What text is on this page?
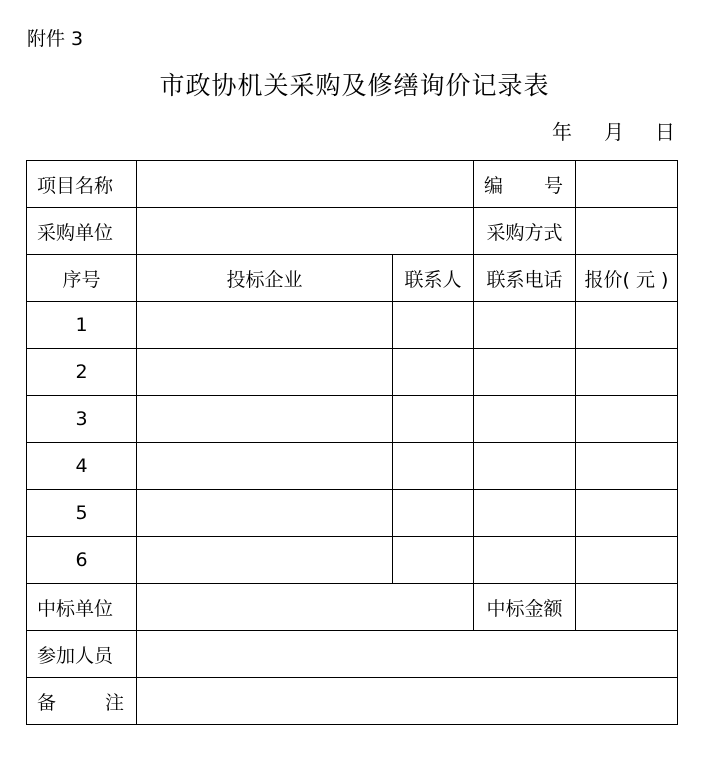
附件 3
市政协机关采购及修缮询价记录表
年 月 日
项目名称			编 号	

采购单位			采购方式	
序号	投标企业	联系人	联系电话	报价( 元 )
1				
2				
3				
4				
5				
6				
中标单位			中标金额	
参加人员				

备 注				
